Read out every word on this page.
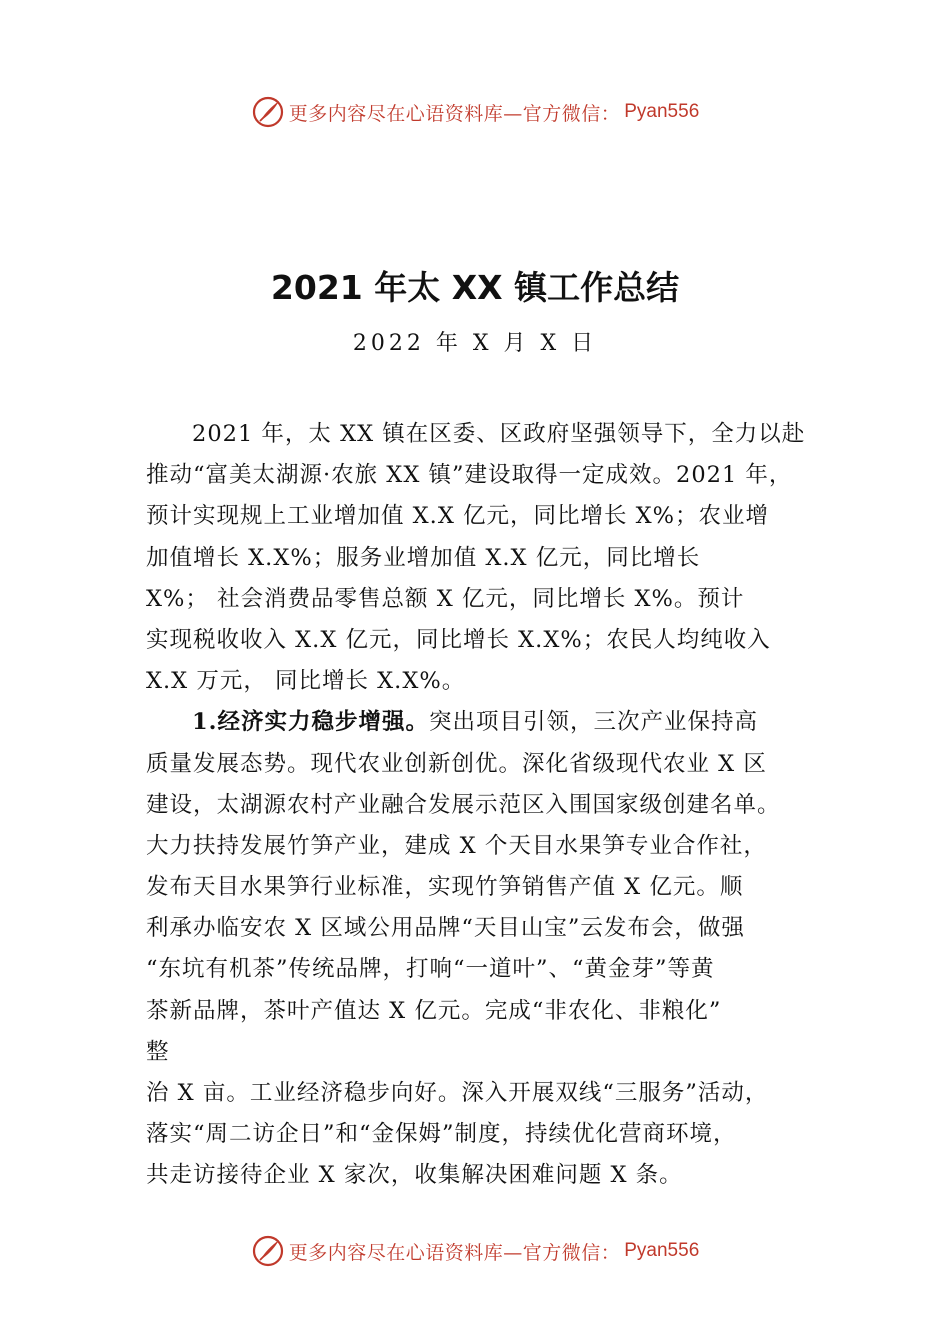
更多内容尽在心语资料库—官方微信： Pyan556
2021 年太 XX 镇工作总结
2022 年 X 月 X 日
2021 年，太 XX 镇在区委、区政府坚强领导下，全力以赴
推动“富美太湖源·农旅 XX 镇”建设取得一定成效。2021 年，
预计实现规上工业增加值 X.X 亿元，同比增长 X%；农业增
加值增长 X.X%；服务业增加值 X.X 亿元，同比增长
X%； 社会消费品零售总额 X 亿元，同比增长 X%。预计
实现税收收入 X.X 亿元，同比增长 X.X%；农民人均纯收入
X.X 万元， 同比增长 X.X%。
1.经济实力稳步增强。突出项目引领，三次产业保持高
质量发展态势。现代农业创新创优。深化省级现代农业 X 区
建设，太湖源农村产业融合发展示范区入围国家级创建名单。
大力扶持发展竹笋产业，建成 X 个天目水果笋专业合作社，
发布天目水果笋行业标准，实现竹笋销售产值 X 亿元。顺
利承办临安农 X 区域公用品牌“天目山宝”云发布会，做强
“东坑有机茶”传统品牌，打响“一道叶”、“黄金芽”等黄
茶新品牌，茶叶产值达 X 亿元。完成“非农化、非粮化”
整
治 X 亩。工业经济稳步向好。深入开展双线“三服务”活动，
落实“周二访企日”和“金保姆”制度，持续优化营商环境，
共走访接待企业 X 家次，收集解决困难问题 X 条。
更多内容尽在心语资料库—官方微信： Pyan556
